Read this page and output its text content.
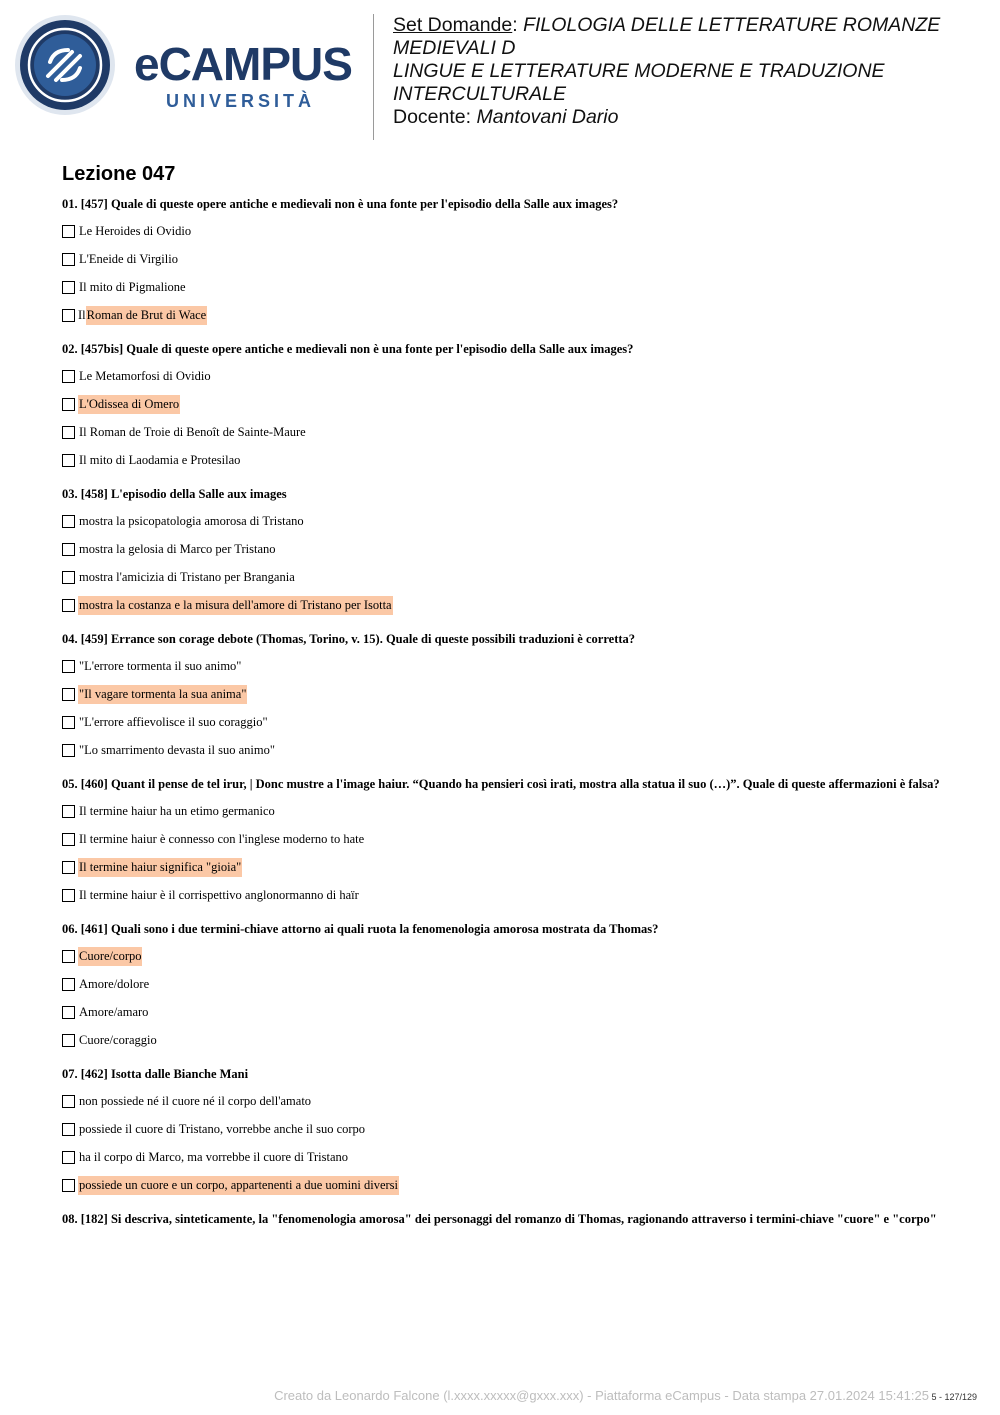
eCAMPUS
UNIVERSITÀ

Set Domande: FILOLOGIA DELLE LETTERATURE ROMANZE

MEDIEVALI D

LINGUE E LETTERATURE MODERNE E TRADUZIONE

INTERCULTURALE

Docente: Mantovani Dario

Lezione 047

01. [457] Quale di queste opere antiche e medievali non è una fonte per l'episodio della Salle aux images?

Le Heroides di Ovidio
L'Eneide di Virgilio
Il mito di Pigmalione
Il Roman de Brut di Wace

02. [457bis] Quale di queste opere antiche e medievali non è una fonte per l'episodio della Salle aux images?

Le Metamorfosi di Ovidio
L'Odissea di Omero
Il Roman de Troie di Benoît de Sainte-Maure
Il mito di Laodamia e Protesilao

03. [458] L'episodio della Salle aux images

mostra la psicopatologia amorosa di Tristano
mostra la gelosia di Marco per Tristano
mostra l'amicizia di Tristano per Brangania
mostra la costanza e la misura dell'amore di Tristano per Isotta

04. [459] Errance son corage debote (Thomas, Torino, v. 15). Quale di queste possibili traduzioni è corretta?

"L'errore tormenta il suo animo"
"Il vagare tormenta la sua anima"
"L'errore affievolisce il suo coraggio"
"Lo smarrimento devasta il suo animo"

05. [460] Quant il pense de tel irur, | Donc mustre a l'image haiur. “Quando ha pensieri così irati, mostra alla statua il suo (…)”. Quale di queste affermazioni è falsa?

Il termine haiur ha un etimo germanico
Il termine haiur è connesso con l'inglese moderno to hate
Il termine haiur significa "gioia"
Il termine haiur è il corrispettivo anglonormanno di haïr

06. [461] Quali sono i due termini-chiave attorno ai quali ruota la fenomenologia amorosa mostrata da Thomas?

Cuore/corpo
Amore/dolore
Amore/amaro
Cuore/coraggio

07. [462] Isotta dalle Bianche Mani

non possiede né il cuore né il corpo dell'amato
possiede il cuore di Tristano, vorrebbe anche il suo corpo
ha il corpo di Marco, ma vorrebbe il cuore di Tristano
possiede un cuore e un corpo, appartenenti a due uomini diversi

08. [182] Si descriva, sinteticamente, la "fenomenologia amorosa" dei personaggi del romanzo di Thomas, ragionando attraverso i termini-chiave "cuore" e "corpo"

Creato da Leonardo Falcone (l.xxxx.xxxxx@gxxx.xxx) - Piattaforma eCampus - Data stampa 27.01.2024 15:41:25 5 - 127/129
